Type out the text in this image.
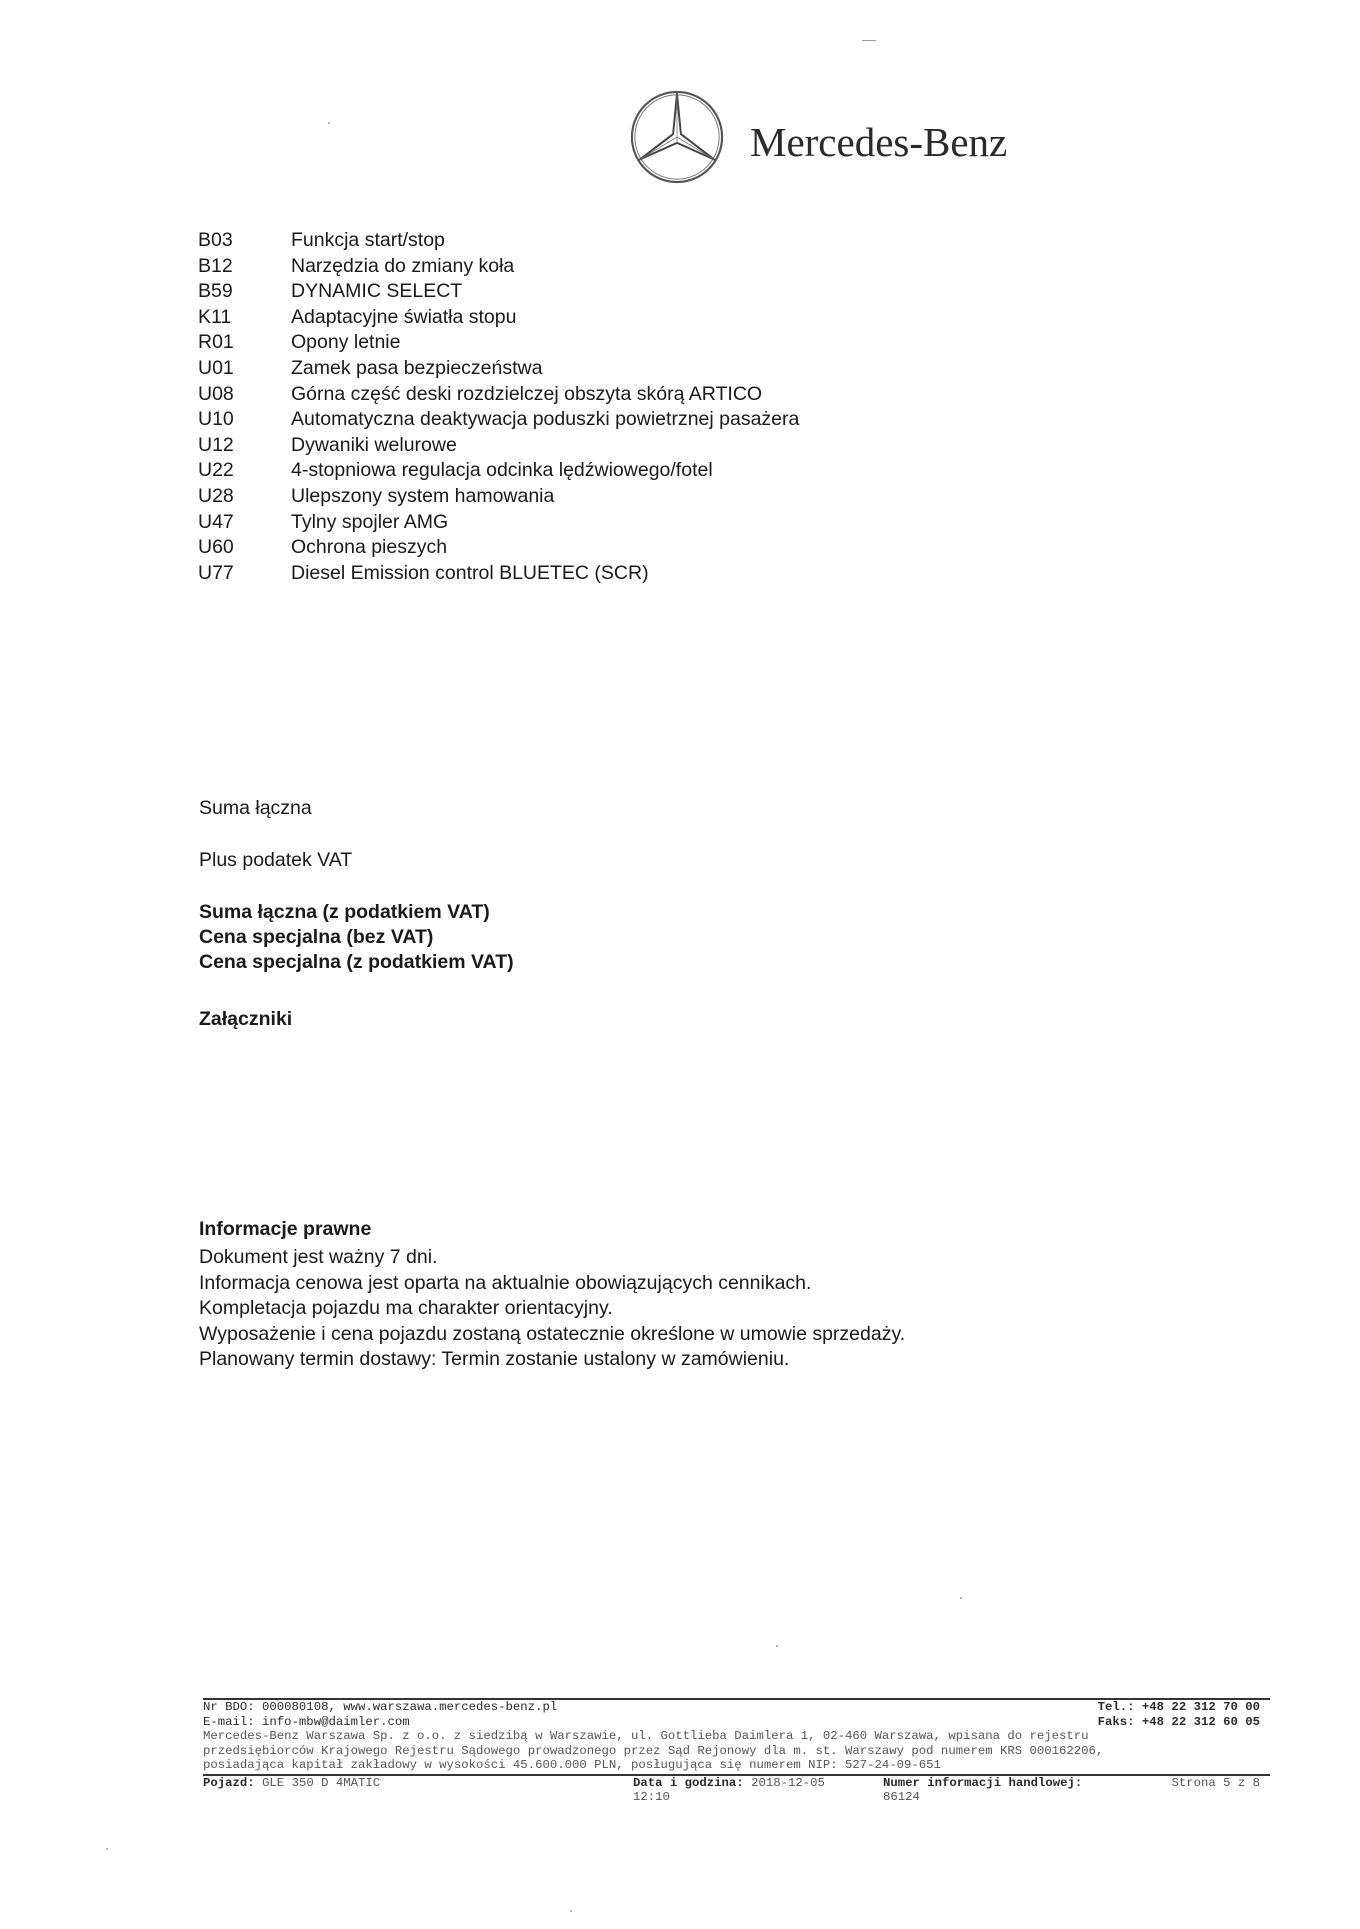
Mercedes-Benz
B03	Funkcja start/stop
B12	Narzędzia do zmiany koła
B59	DYNAMIC SELECT
K11	Adaptacyjne światła stopu
R01	Opony letnie
U01	Zamek pasa bezpieczeństwa
U08	Górna część deski rozdzielczej obszyta skórą ARTICO
U10	Automatyczna deaktywacja poduszki powietrznej pasażera
U12	Dywaniki welurowe
U22	4-stopniowa regulacja odcinka lędźwiowego/fotel
U28	Ulepszony system hamowania
U47	Tylny spojler AMG
U60	Ochrona pieszych
U77	Diesel Emission control BLUETEC (SCR)
Suma łączna
Plus podatek VAT
Suma łączna (z podatkiem VAT)
Cena specjalna (bez VAT)
Cena specjalna (z podatkiem VAT)
Załączniki
Informacje prawne
Dokument jest ważny 7 dni.
Informacja cenowa jest oparta na aktualnie obowiązujących cennikach.
Kompletacja pojazdu ma charakter orientacyjny.
Wyposażenie i cena pojazdu zostaną ostatecznie określone w umowie sprzedaży.
Planowany termin dostawy: Termin zostanie ustalony w zamówieniu.
Nr BDO: 000080108, www.warszawa.mercedes-benz.pl	Tel.: +48 22 312 70 00
E-mail: info-mbw@daimler.com	Faks: +48 22 312 60 05
Mercedes-Benz Warszawa Sp. z o.o. z siedzibą w Warszawie, ul. Gottlieba Daimlera 1, 02-460 Warszawa, wpisana do rejestru
przedsiębiorców Krajowego Rejestru Sądowego prowadzonego przez Sąd Rejonowy dla m. st. Warszawy pod numerem KRS 000162206,
posiadająca kapitał zakładowy w wysokości 45.600.000 PLN, posługująca się numerem NIP: 527-24-09-651
Pojazd: GLE 350 D 4MATIC	Data i godzina: 2018-12-05
12:10
Numer informacji handlowej:
86124
Strona 5 z 8
